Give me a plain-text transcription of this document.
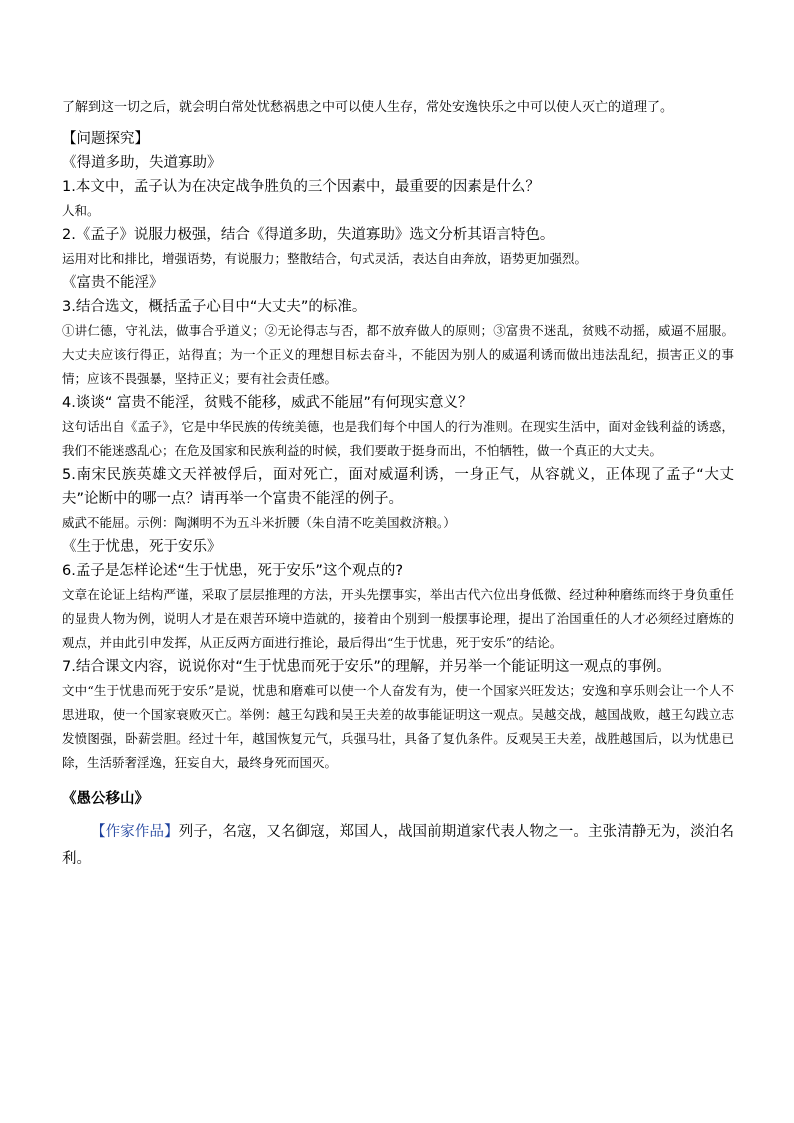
了解到这一切之后，就会明白常处忧愁祸患之中可以使人生存，常处安逸快乐之中可以使人灭亡的道理了。

【问题探究】

《得道多助，失道寡助》

1.本文中，孟子认为在决定战争胜负的三个因素中，最重要的因素是什么？

人和。

2.《孟子》说服力极强，结合《得道多助，失道寡助》选文分析其语言特色。

运用对比和排比，增强语势，有说服力；整散结合，句式灵活，表达自由奔放，语势更加强烈。

《富贵不能淫》

3.结合选文，概括孟子心目中“大丈夫”的标准。

①讲仁德，守礼法，做事合乎道义；②无论得志与否，都不放弃做人的原则；③富贵不迷乱，贫贱不动摇，威逼不屈服。大丈夫应该行得正，站得直；为一个正义的理想目标去奋斗，不能因为别人的威逼利诱而做出违法乱纪，损害正义的事情；应该不畏强暴，坚持正义；要有社会责任感。

4.谈谈“ 富贵不能淫，贫贱不能移，威武不能屈”有何现实意义？

这句话出自《孟子》，它是中华民族的传统美德，也是我们每个中国人的行为准则。在现实生活中，面对金钱利益的诱惑，我们不能迷惑乱心；在危及国家和民族利益的时候，我们要敢于挺身而出，不怕牺牲，做一个真正的大丈夫。

5.南宋民族英雄文天祥被俘后，面对死亡，面对威逼利诱，一身正气，从容就义，正体现了孟子“大丈夫”论断中的哪一点？请再举一个富贵不能淫的例子。

威武不能屈。示例：陶渊明不为五斗米折腰（朱自清不吃美国救济粮。）

《生于忧患，死于安乐》

6.孟子是怎样论述“生于忧患，死于安乐”这个观点的?

文章在论证上结构严谨，采取了层层推理的方法，开头先摆事实，举出古代六位出身低微、经过种种磨练而终于身负重任的显贵人物为例，说明人才是在艰苦环境中造就的，接着由个别到一般摆事论理，提出了治国重任的人才必须经过磨炼的观点，并由此引申发挥，从正反两方面进行推论，最后得出“生于忧患，死于安乐”的结论。

7.结合课文内容，说说你对“生于忧患而死于安乐”的理解，并另举一个能证明这一观点的事例。

文中“生于忧患而死于安乐”是说，忧患和磨难可以使一个人奋发有为，使一个国家兴旺发达；安逸和享乐则会让一个人不思进取，使一个国家衰败灭亡。举例：越王勾践和吴王夫差的故事能证明这一观点。吴越交战，越国战败，越王勾践立志发愤图强，卧薪尝胆。经过十年，越国恢复元气，兵强马壮，具备了复仇条件。反观吴王夫差，战胜越国后，以为忧患已除，生活骄奢淫逸，狂妄自大，最终身死而国灭。

《愚公移山》

【作家作品】列子，名寇，又名御寇，郑国人，战国前期道家代表人物之一。主张清静无为，淡泊名利。
